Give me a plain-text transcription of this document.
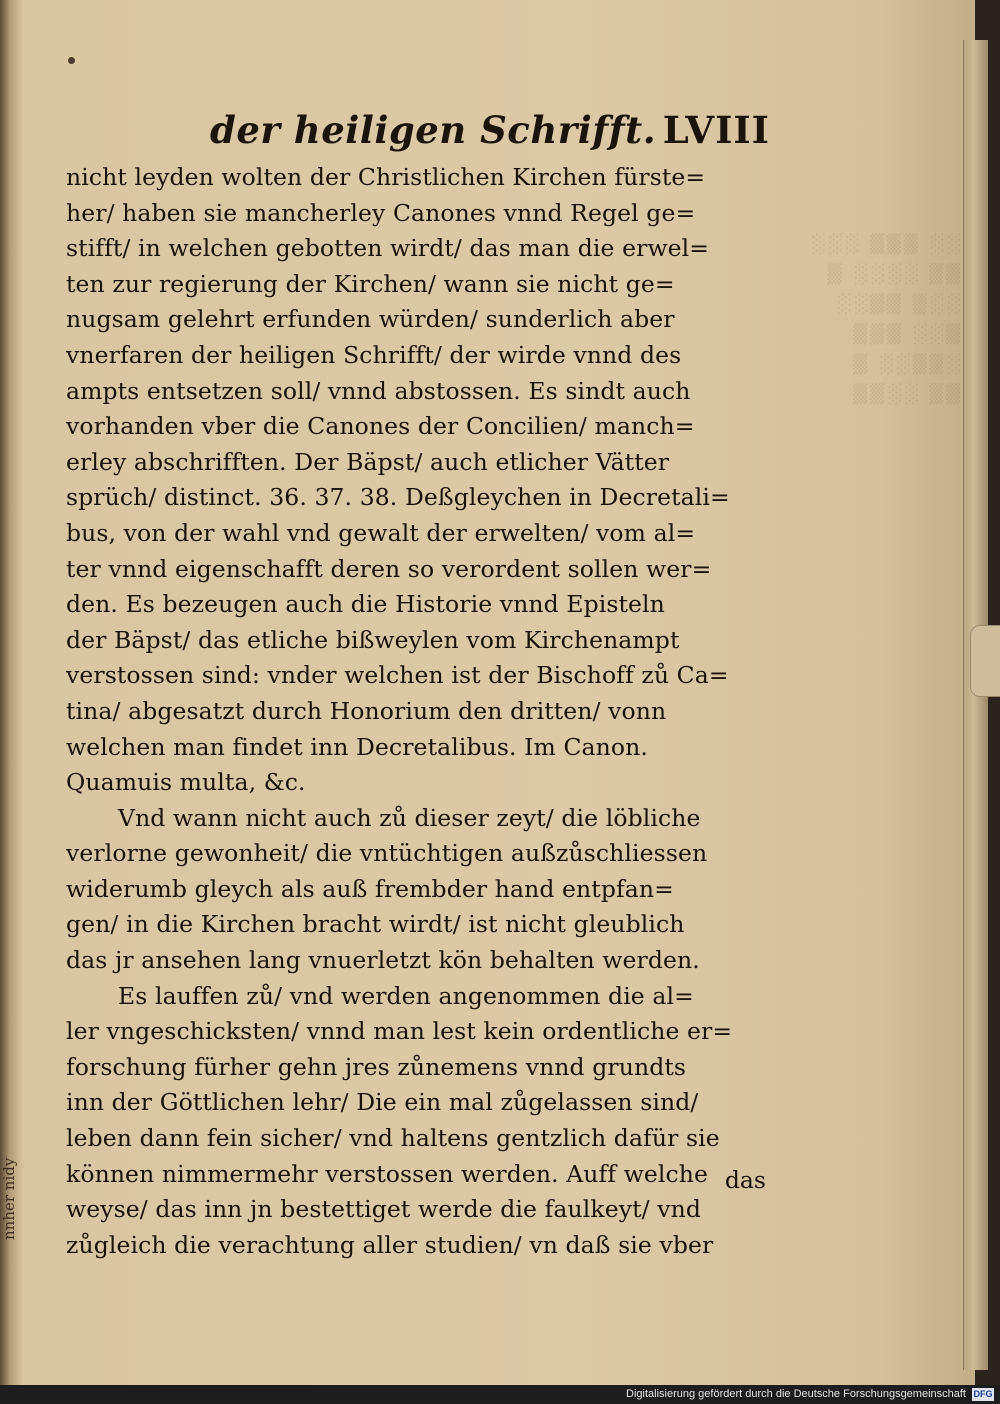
░░ ▒▒▒ ░░░
▒▒ ░░░░ ▒
░░▒ ▒▒░░
▒░░ ▒▒▒
░▒▒░░ ▒
▒▒ ░░▒▒
nnher nidy
der heiligen Schrifft. LVIII
nicht leyden wolten der Christlichen Kirchen fürste=
her/ haben sie mancherley Canones vnnd Regel ge=
stifft/ in welchen gebotten wirdt/ das man die erwel=
ten zur regierung der Kirchen/ wann sie nicht ge=
nugsam gelehrt erfunden würden/ sunderlich aber
vnerfaren der heiligen Schrifft/ der wirde vnnd des
ampts entsetzen soll/ vnnd abstossen. Es sindt auch
vorhanden vber die Canones der Concilien/ manch=
erley abschrifften. Der Bäpst/ auch etlicher Vätter
sprüch/ distinct. 36. 37. 38. Deßgleychen in Decretali=
bus, von der wahl vnd gewalt der erwelten/ vom al=
ter vnnd eigenschafft deren so verordent sollen wer=
den. Es bezeugen auch die Historie vnnd Episteln
der Bäpst/ das etliche bißweylen vom Kirchenampt
verstossen sind: vnder welchen ist der Bischoff zů Ca=
tina/ abgesatzt durch Honorium den dritten/ vonn
welchen man findet inn Decretalibus. Im Canon.
Quamuis multa, &c.
Vnd wann nicht auch zů dieser zeyt/ die löbliche
verlorne gewonheit/ die vntüchtigen außzůschliessen
widerumb gleych als auß frembder hand entpfan=
gen/ in die Kirchen bracht wirdt/ ist nicht gleublich
das jr ansehen lang vnuerletzt kön behalten werden.
Es lauffen zů/ vnd werden angenommen die al=
ler vngeschicksten/ vnnd man lest kein ordentliche er=
forschung fürher gehn jres zůnemens vnnd grundts
inn der Göttlichen lehr/ Die ein mal zůgelassen sind/
leben dann fein sicher/ vnd haltens gentzlich dafür sie
können nimmermehr verstossen werden. Auff welche
weyse/ das inn jn bestettiget werde die faulkeyt/ vnd
zůgleich die verachtung aller studien/ vn daß sie vber
das
Digitalisierung gefördert durch die Deutsche Forschungsgemeinschaft DFG
